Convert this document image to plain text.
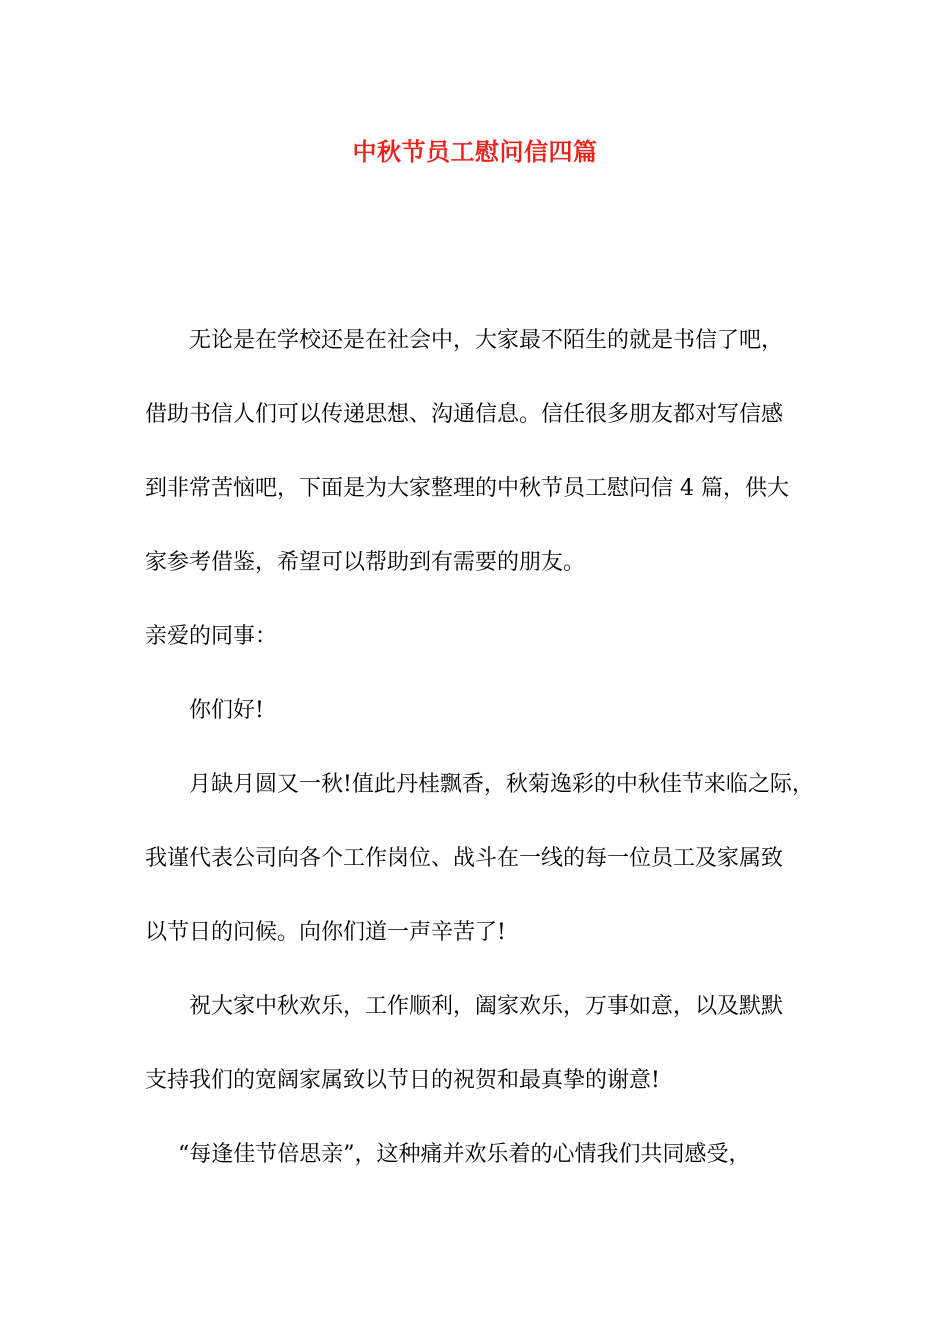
中秋节员工慰问信四篇
无论是在学校还是在社会中，大家最不陌生的就是书信了吧，
借助书信人们可以传递思想、沟通信息。信任很多朋友都对写信感
到非常苦恼吧，下面是为大家整理的中秋节员工慰问信 4 篇，供大
家参考借鉴，希望可以帮助到有需要的朋友。
亲爱的同事：
你们好!
月缺月圆又一秋!值此丹桂飘香，秋菊逸彩的中秋佳节来临之际，
我谨代表公司向各个工作岗位、战斗在一线的每一位员工及家属致
以节日的问候。向你们道一声辛苦了!
祝大家中秋欢乐，工作顺利，阖家欢乐，万事如意，以及默默
支持我们的宽阔家属致以节日的祝贺和最真挚的谢意!
“每逢佳节倍思亲”，这种痛并欢乐着的心情我们共同感受，
